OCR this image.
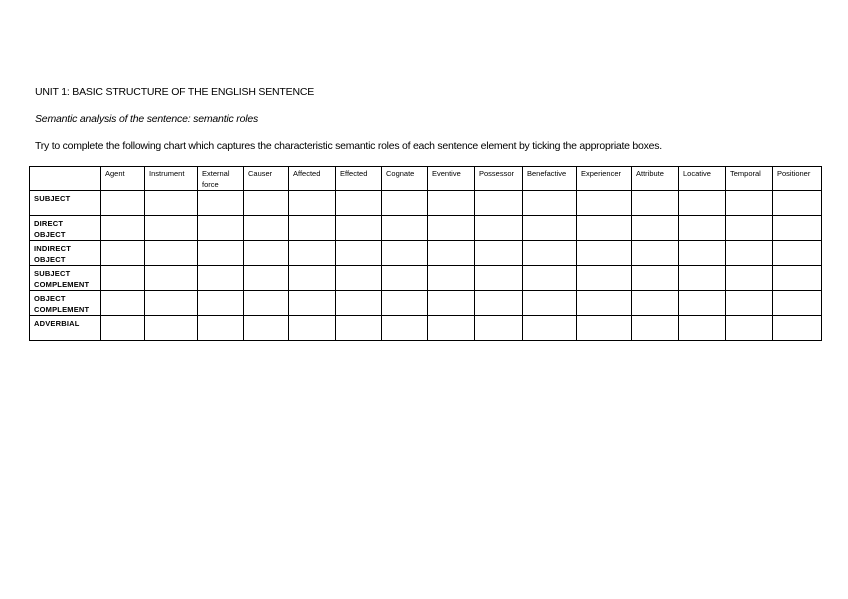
UNIT 1: BASIC STRUCTURE OF THE ENGLISH SENTENCE
Semantic analysis of the sentence: semantic roles
Try to complete the following chart which captures the characteristic semantic roles of each sentence element by ticking the appropriate boxes.
	Agent	Instrument	External force	Causer	Affected	Effected	Cognate	Eventive	Possessor	Benefactive	Experiencer	Attribute	Locative	Temporal	Positioner
SUBJECT															
DIRECT OBJECT															
INDIRECT OBJECT															
SUBJECT COMPLEMENT															
OBJECT COMPLEMENT															
ADVERBIAL															
